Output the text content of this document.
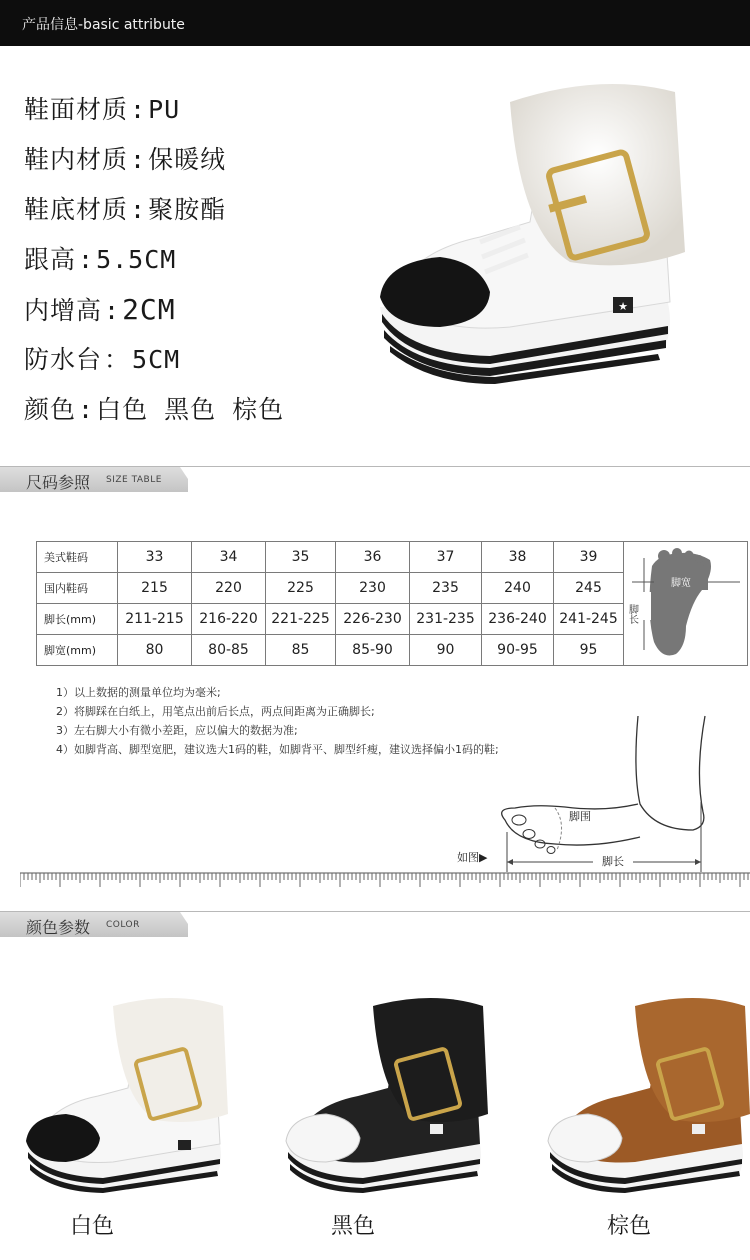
产品信息-basic attribute
鞋面材质:PU
鞋内材质:保暖绒
鞋底材质:聚胺酯
跟高:5.5CM
内增高:2CM
防水台：5CM
颜色:白色 黑色 棕色
★
尺码参照 SIZE TABLE
美式鞋码	33	34	35	36	37	38	39	脚宽
脚长

国内鞋码	215	220	225	230	235	240	245	
脚长(mm)	211-215	216-220	221-225	226-230	231-235	236-240	241-245	
脚宽(mm)	80	80-85	85	85-90	90	90-95	95	
1）以上数据的测量单位均为毫米;
2）将脚踩在白纸上，用笔点出前后长点，两点间距离为正确脚长;
3）左右脚大小有微小差距，应以偏大的数据为准;
4）如脚背高、脚型宽肥，建议选大1码的鞋，如脚背平、脚型纤瘦，建议选择偏小1码的鞋;
脚围
脚长
如图▶
颜色参数 COLOR
白色	黑色	棕色
